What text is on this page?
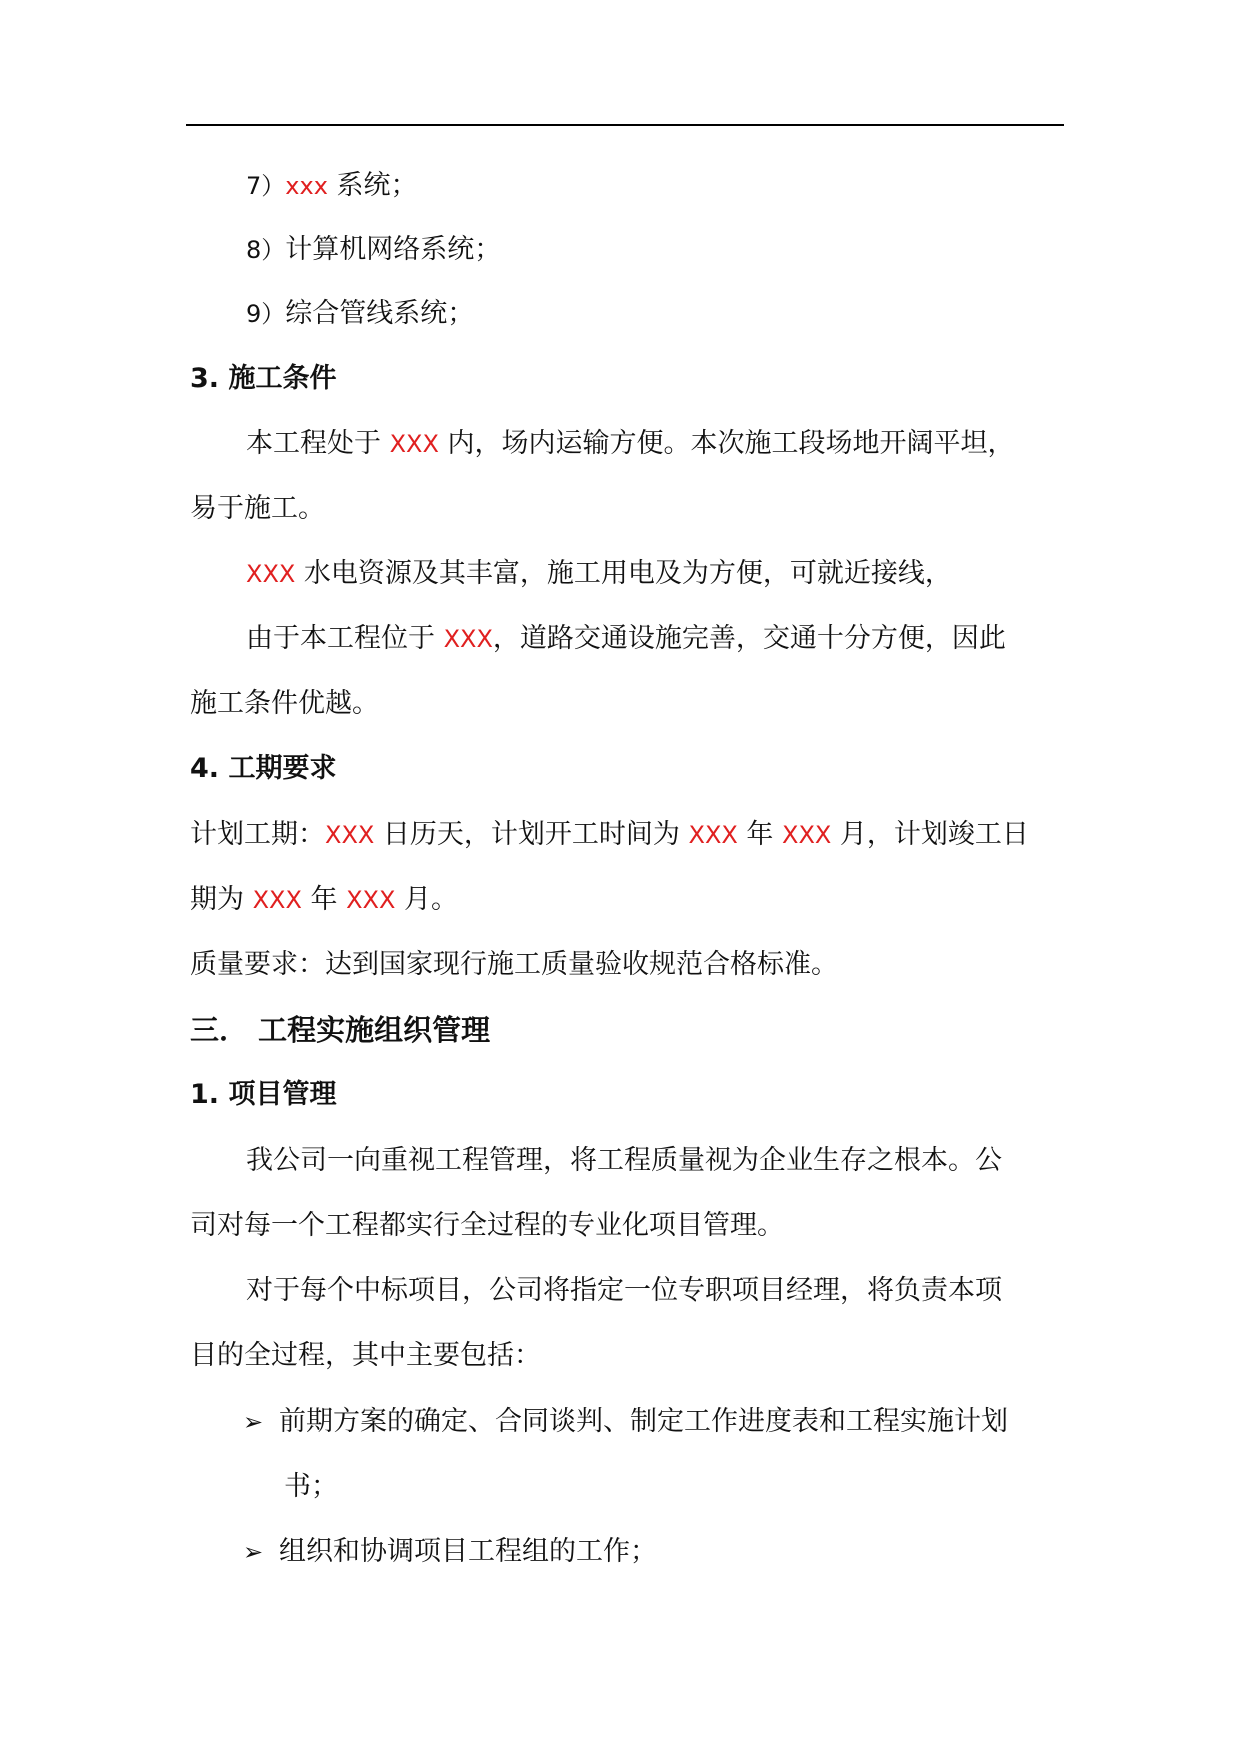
7）xxx 系统；
8）计算机网络系统；
9）综合管线系统；
3. 施工条件
本工程处于 XXX 内，场内运输方便。本次施工段场地开阔平坦，
易于施工。
XXX 水电资源及其丰富，施工用电及为方便，可就近接线，
由于本工程位于 XXX，道路交通设施完善，交通十分方便，因此
施工条件优越。
4. 工期要求
计划工期：XXX 日历天，计划开工时间为 XXX 年 XXX 月，计划竣工日
期为 XXX 年 XXX 月。
质量要求：达到国家现行施工质量验收规范合格标准。
三． 工程实施组织管理
1. 项目管理
我公司一向重视工程管理，将工程质量视为企业生存之根本。公
司对每一个工程都实行全过程的专业化项目管理。
对于每个中标项目，公司将指定一位专职项目经理，将负责本项
目的全过程，其中主要包括：
➢ 前期方案的确定、合同谈判、制定工作进度表和工程实施计划
书；
➢ 组织和协调项目工程组的工作；
